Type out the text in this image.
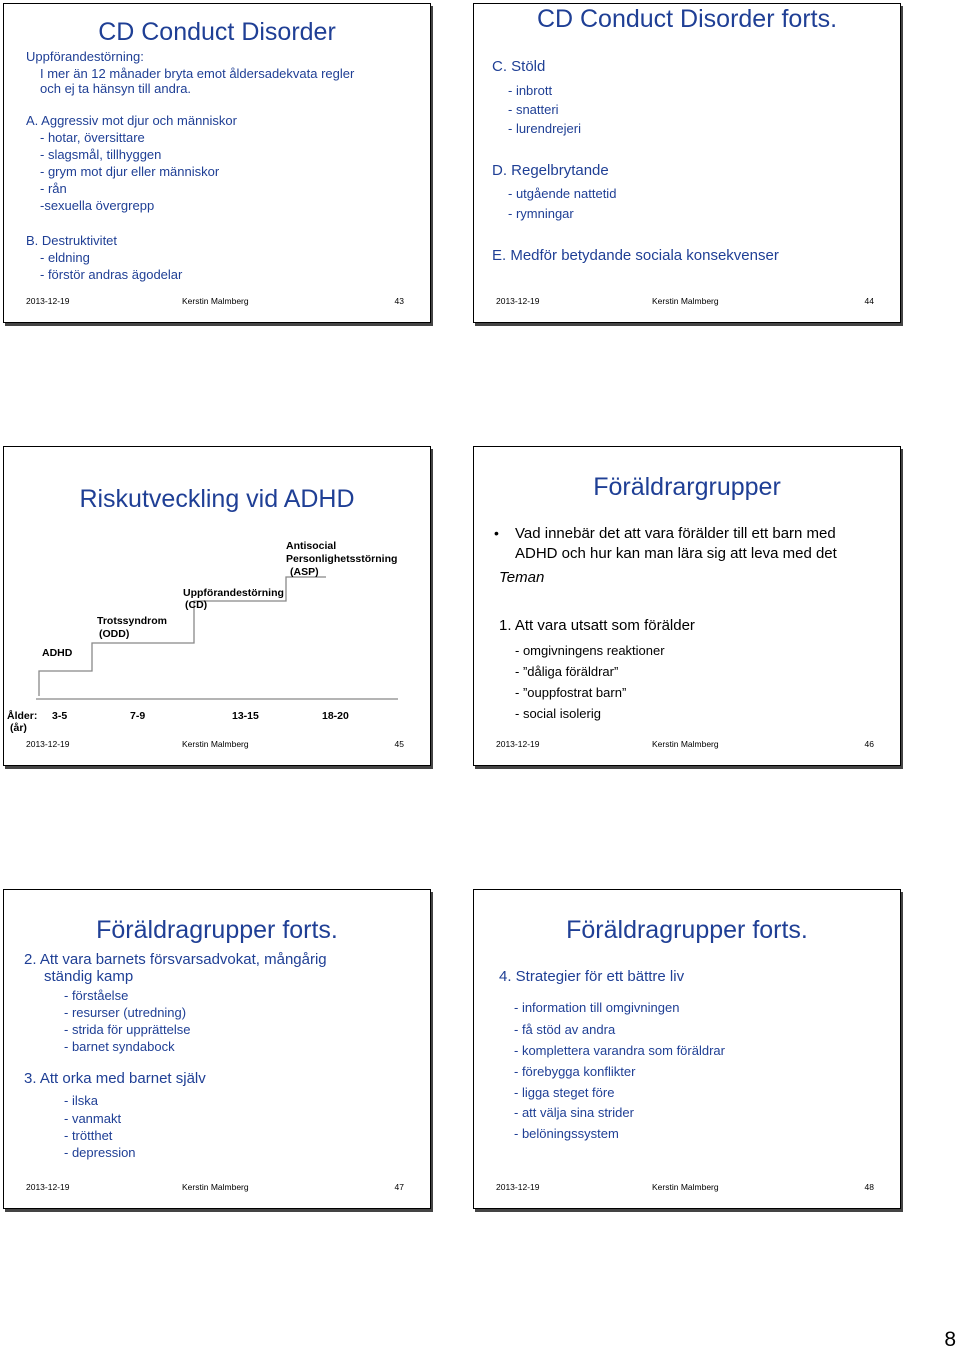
CD Conduct Disorder
Uppförandestörning:
I mer än 12 månader bryta emot åldersadekvata regler
och ej ta hänsyn till andra.
A. Aggressiv mot djur och människor
- hotar, översittare
- slagsmål, tillhyggen
- grym mot djur eller människor
- rån
-sexuella övergrepp
B. Destruktivitet
- eldning
- förstör andras ägodelar
2013-12-19	Kerstin Malmberg	43
CD Conduct Disorder forts.
C. Stöld
- inbrott
- snatteri
- lurendrejeri
D. Regelbrytande
- utgående nattetid
- rymningar
E. Medför betydande sociala konsekvenser
2013-12-19	Kerstin Malmberg	44
Riskutveckling vid ADHD
ADHD
Trotssyndrom
(ODD)
Uppförandestörning
(CD)
Antisocial
Personlighetsstörning
(ASP)
Ålder:
(år)
3-5	7-9	13-15	18-20
2013-12-19	Kerstin Malmberg	45
Föräldrargrupper
• Vad innebär det att vara förälder till ett barn med
ADHD och hur kan man lära sig att leva med det
Teman
1. Att vara utsatt som förälder
- omgivningens reaktioner
- ”dåliga föräldrar”
- ”ouppfostrat barn”
- social isolerig
2013-12-19	Kerstin Malmberg	46
Föräldragrupper forts.
2. Att vara barnets försvarsadvokat, mångårig
ständig kamp
- förståelse
- resurser (utredning)
- strida för upprättelse
- barnet syndabock
3. Att orka med barnet själv
- ilska
- vanmakt
- trötthet
- depression
2013-12-19	Kerstin Malmberg	47
Föräldragrupper forts.
4. Strategier för ett bättre liv
- information till omgivningen
- få stöd av andra
- komplettera varandra som föräldrar
- förebygga konflikter
- ligga steget före
- att välja sina strider
- belöningssystem
2013-12-19	Kerstin Malmberg	48
8
